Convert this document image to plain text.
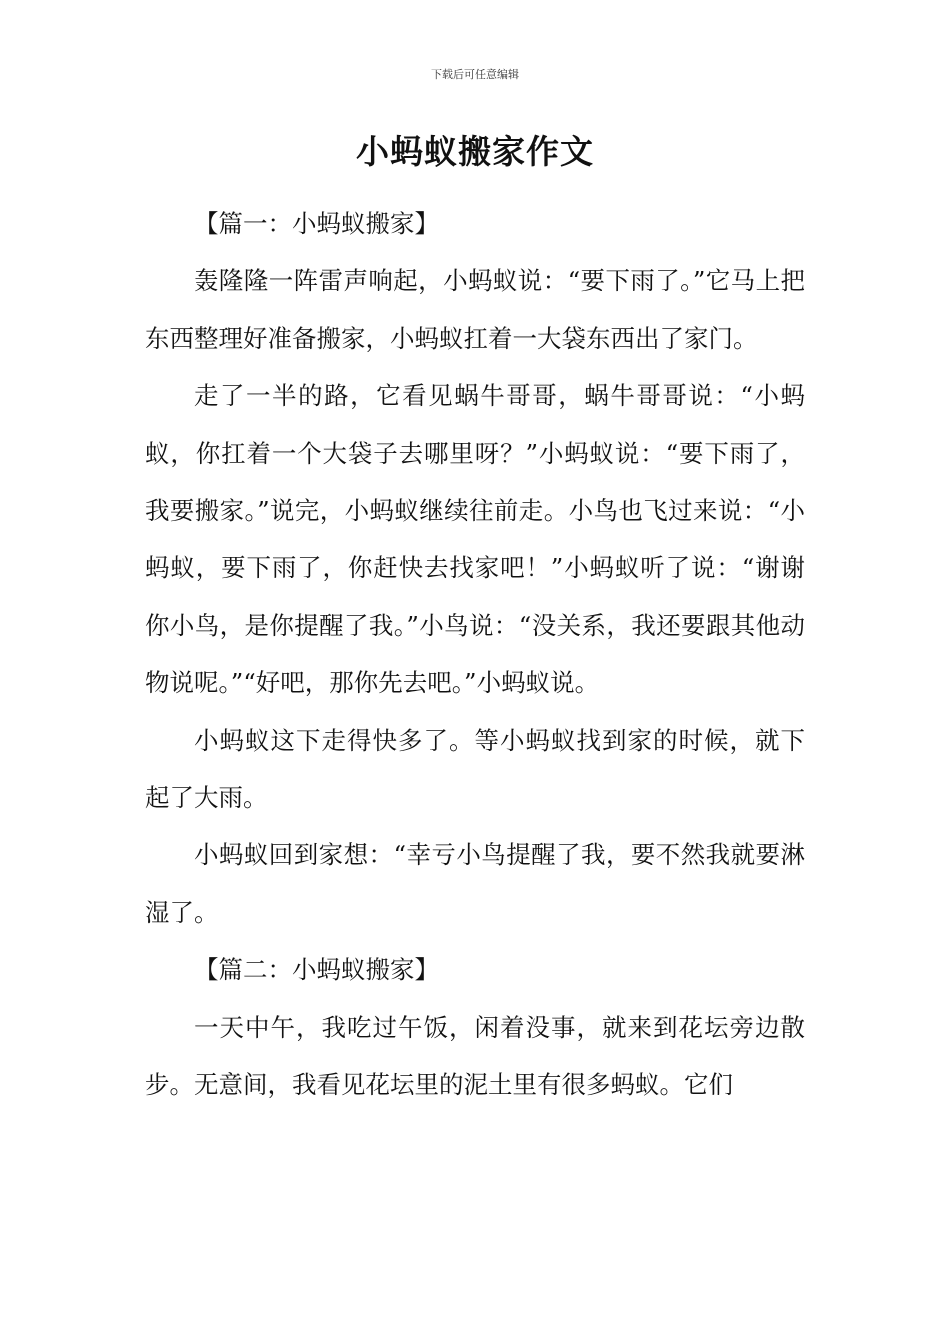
下载后可任意编辑
小蚂蚁搬家作文

【篇一：小蚂蚁搬家】

轰隆隆一阵雷声响起，小蚂蚁说：“要下雨了。”它马上把东西整理好准备搬家，小蚂蚁扛着一大袋东西出了家门。

走了一半的路，它看见蜗牛哥哥，蜗牛哥哥说：“小蚂蚁，你扛着一个大袋子去哪里呀？”小蚂蚁说：“要下雨了，我要搬家。”说完，小蚂蚁继续往前走。小鸟也飞过来说：“小蚂蚁，要下雨了，你赶快去找家吧！”小蚂蚁听了说：“谢谢你小鸟，是你提醒了我。”小鸟说：“没关系，我还要跟其他动物说呢。”“好吧，那你先去吧。”小蚂蚁说。

小蚂蚁这下走得快多了。等小蚂蚁找到家的时候，就下起了大雨。

小蚂蚁回到家想：“幸亏小鸟提醒了我，要不然我就要淋湿了。

【篇二：小蚂蚁搬家】

一天中午，我吃过午饭，闲着没事，就来到花坛旁边散步。无意间，我看见花坛里的泥土里有很多蚂蚁。它们
